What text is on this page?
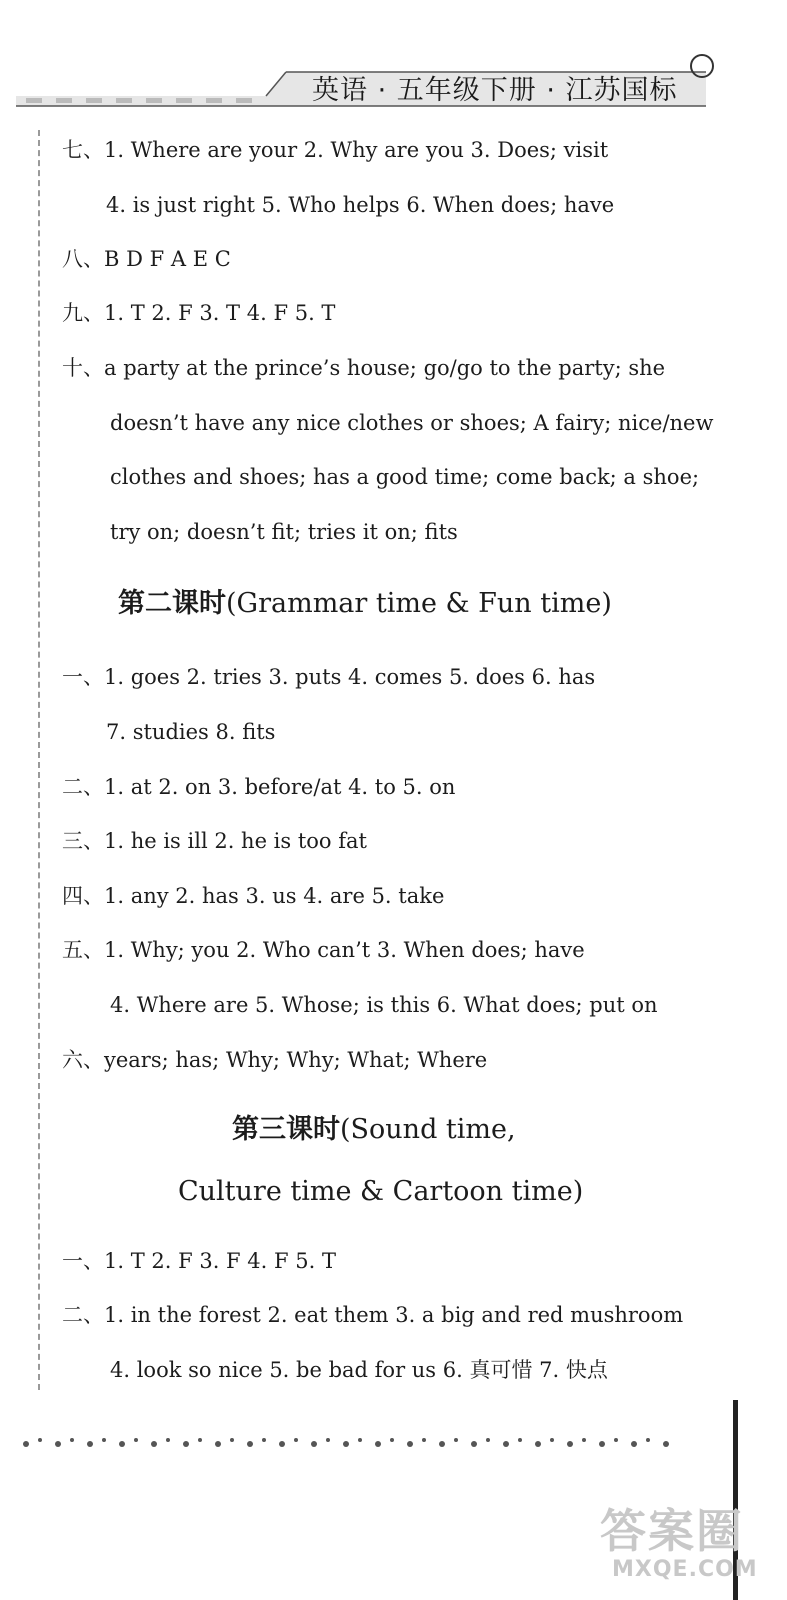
英语 · 五年级下册 · 江苏国标
七、1. Where are your 2. Why are you 3. Does; visit
4. is just right 5. Who helps 6. When does; have
八、B D F A E C
九、1. T 2. F 3. T 4. F 5. T
十、a party at the prince’s house; go/go to the party; she
doesn’t have any nice clothes or shoes; A fairy; nice/new
clothes and shoes; has a good time; come back; a shoe;
try on; doesn’t fit; tries it on; fits
第二课时(Grammar time & Fun time)
一、1. goes 2. tries 3. puts 4. comes 5. does 6. has
7. studies 8. fits
二、1. at 2. on 3. before/at 4. to 5. on
三、1. he is ill 2. he is too fat
四、1. any 2. has 3. us 4. are 5. take
五、1. Why; you 2. Who can’t 3. When does; have
4. Where are 5. Whose; is this 6. What does; put on
六、years; has; Why; Why; What; Where
第三课时(Sound time,
Culture time & Cartoon time)
一、1. T 2. F 3. F 4. F 5. T
二、1. in the forest 2. eat them 3. a big and red mushroom
4. look so nice 5. be bad for us 6. 真可惜 7. 快点
答案圈
MXQE.COM
